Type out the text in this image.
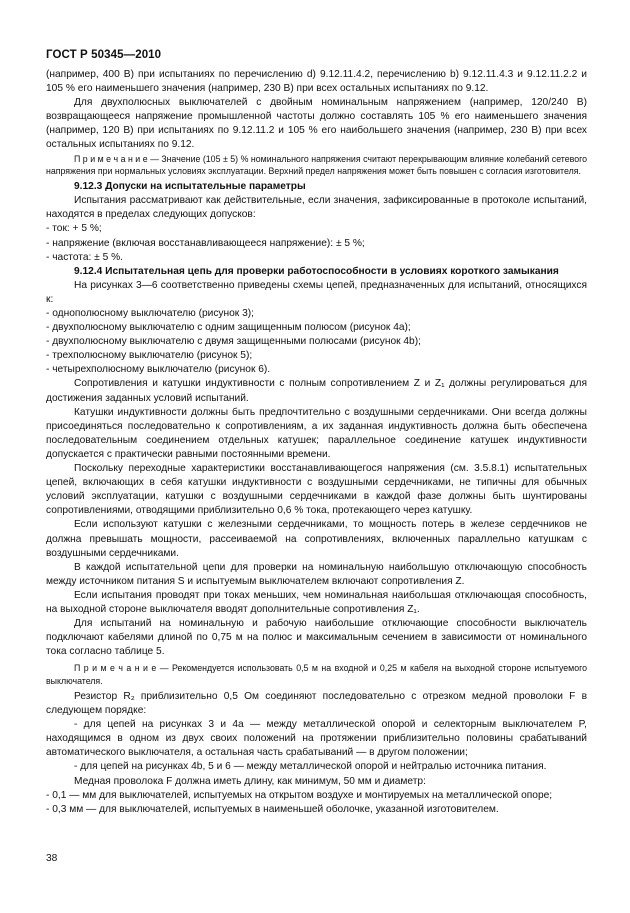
ГОСТ Р 50345—2010

(например, 400 В) при испытаниях по перечислению d) 9.12.11.4.2, перечислению b) 9.12.11.4.3 и 9.12.11.2.2 и 105 % его наименьшего значения (например, 230 В) при всех остальных испытаниях по 9.12.

Для двухполюсных выключателей с двойным номинальным напряжением (например, 120/240 В) возвращающееся напряжение промышленной частоты должно составлять 105 % его наименьшего значения (например, 120 В) при испытаниях по 9.12.11.2 и 105 % его наибольшего значения (например, 230 В) при всех остальных испытаниях по 9.12.

П р и м е ч а н и е — Значение (105 ± 5) % номинального напряжения считают перекрывающим влияние колебаний сетевого напряжения при нормальных условиях эксплуатации. Верхний предел напряжения может быть повышен с согласия изготовителя.

9.12.3 Допуски на испытательные параметры

Испытания рассматривают как действительные, если значения, зафиксированные в протоколе испытаний, находятся в пределах следующих допусков:

- ток: + 5 %;

- напряжение (включая восстанавливающееся напряжение): ± 5 %;

- частота: ± 5 %.

9.12.4 Испытательная цепь для проверки работоспособности в условиях короткого замыкания

На рисунках 3—6 соответственно приведены схемы цепей, предназначенных для испытаний, относящихся к:

- однополюсному выключателю (рисунок 3);

- двухполюсному выключателю с одним защищенным полюсом (рисунок 4а);

- двухполюсному выключателю с двумя защищенными полюсами (рисунок 4b);

- трехполюсному выключателю (рисунок 5);

- четырехполюсному выключателю (рисунок 6).

Сопротивления и катушки индуктивности с полным сопротивлением Z и Z₁ должны регулироваться для достижения заданных условий испытаний.

Катушки индуктивности должны быть предпочтительно с воздушными сердечниками. Они всегда должны присоединяться последовательно к сопротивлениям, а их заданная индуктивность должна быть обеспечена последовательным соединением отдельных катушек; параллельное соединение катушек индуктивности допускается с практически равными постоянными времени.

Поскольку переходные характеристики восстанавливающегося напряжения (см. 3.5.8.1) испытательных цепей, включающих в себя катушки индуктивности с воздушными сердечниками, не типичны для обычных условий эксплуатации, катушки с воздушными сердечниками в каждой фазе должны быть шунтированы сопротивлениями, отводящими приблизительно 0,6 % тока, протекающего через катушку.

Если используют катушки с железными сердечниками, то мощность потерь в железе сердечников не должна превышать мощности, рассеиваемой на сопротивлениях, включенных параллельно катушкам с воздушными сердечниками.

В каждой испытательной цепи для проверки на номинальную наибольшую отключающую способность между источником питания S и испытуемым выключателем включают сопротивления Z.

Если испытания проводят при токах меньших, чем номинальная наибольшая отключающая способность, на выходной стороне выключателя вводят дополнительные сопротивления Z₁.

Для испытаний на номинальную и рабочую наибольшие отключающие способности выключатель подключают кабелями длиной по 0,75 м на полюс и максимальным сечением в зависимости от номинального тока согласно таблице 5.

П р и м е ч а н и е — Рекомендуется использовать 0,5 м на входной и 0,25 м кабеля на выходной стороне испытуемого выключателя.

Резистор R₂ приблизительно 0,5 Ом соединяют последовательно с отрезком медной проволоки F в следующем порядке:

- для цепей на рисунках 3 и 4а — между металлической опорой и селекторным выключателем P, находящимся в одном из двух своих положений на протяжении приблизительно половины срабатываний автоматического выключателя, а остальная часть срабатываний — в другом положении;

- для цепей на рисунках 4b, 5 и 6 — между металлической опорой и нейтралью источника питания.

Медная проволока F должна иметь длину, как минимум, 50 мм и диаметр:

- 0,1 — мм для выключателей, испытуемых на открытом воздухе и монтируемых на металлической опоре;

- 0,3 мм — для выключателей, испытуемых в наименьшей оболочке, указанной изготовителем.

38
